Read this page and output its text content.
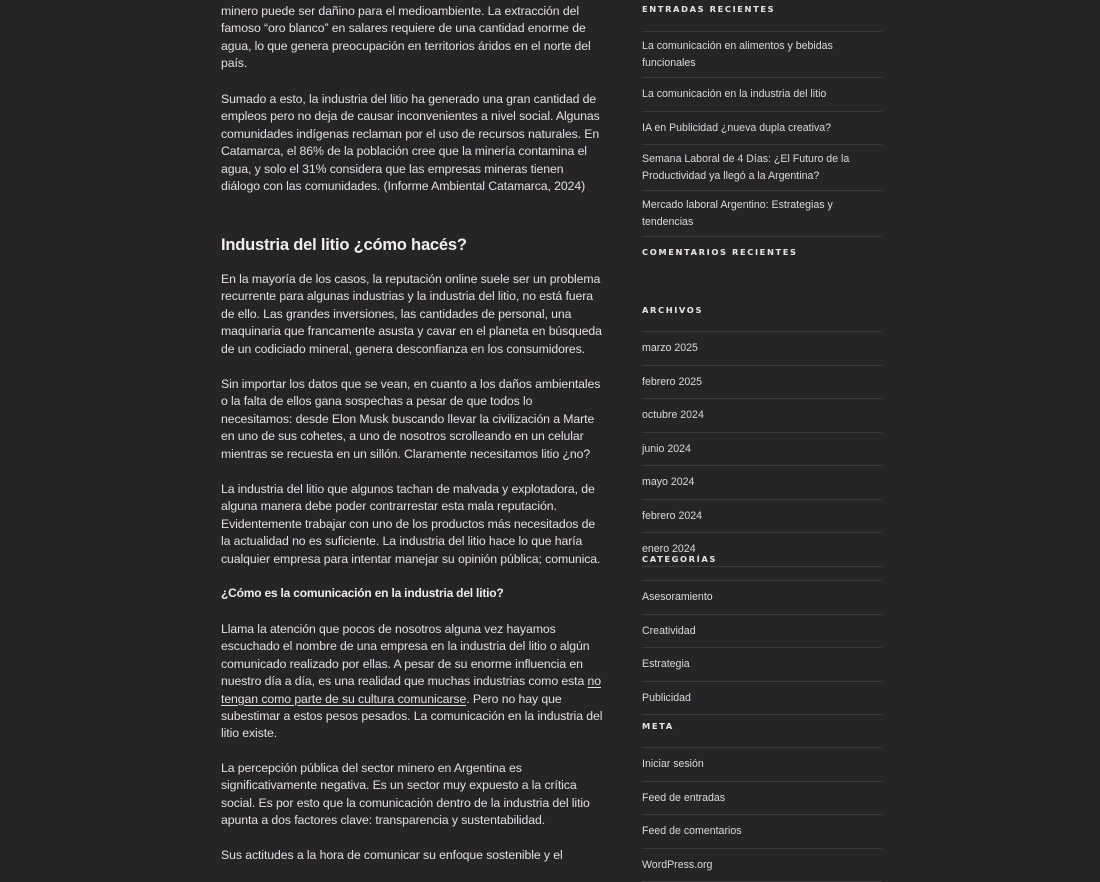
minero puede ser dañino para el medioambiente. La extracción del famoso “oro blanco” en salares requiere de una cantidad enorme de agua, lo que genera preocupación en territorios áridos en el norte del país.

Sumado a esto, la industria del litio ha generado una gran cantidad de empleos pero no deja de causar inconvenientes a nivel social. Algunas comunidades indígenas reclaman por el uso de recursos naturales. En Catamarca, el 86% de la población cree que la minería contamina el agua, y solo el 31% considera que las empresas mineras tienen diálogo con las comunidades. (Informe Ambiental Catamarca, 2024)

Industria del litio ¿cómo hacés?

En la mayoría de los casos, la reputación online suele ser un problema recurrente para algunas industrias y la industria del litio, no está fuera de ello. Las grandes inversiones, las cantidades de personal, una maquinaria que francamente asusta y cavar en el planeta en búsqueda de un codiciado mineral, genera desconfianza en los consumidores.

Sin importar los datos que se vean, en cuanto a los daños ambientales o la falta de ellos gana sospechas a pesar de que todos lo necesitamos: desde Elon Musk buscando llevar la civilización a Marte en uno de sus cohetes, a uno de nosotros scrolleando en un celular mientras se recuesta en un sillón. Claramente necesitamos litio ¿no?

La industria del litio que algunos tachan de malvada y explotadora, de alguna manera debe poder contrarrestar esta mala reputación. Evidentemente trabajar con uno de los productos más necesitados de la actualidad no es suficiente. La industria del litio hace lo que haría cualquier empresa para intentar manejar su opinión pública; comunica.

¿Cómo es la comunicación en la industria del litio?

Llama la atención que pocos de nosotros alguna vez hayamos escuchado el nombre de una empresa en la industria del litio o algún comunicado realizado por ellas. A pesar de su enorme influencia en nuestro día a día, es una realidad que muchas industrias como esta no tengan como parte de su cultura comunicarse. Pero no hay que subestimar a estos pesos pesados. La comunicación en la industria del litio existe.

La percepción pública del sector minero en Argentina es significativamente negativa. Es un sector muy expuesto a la crítica social. Es por esto que la comunicación dentro de la industria del litio apunta a dos factores clave: transparencia y sustentabilidad.

Sus actitudes a la hora de comunicar su enfoque sostenible y el

ENTRADAS RECIENTES
La comunicación en alimentos y bebidas funcionales
La comunicación en la industria del litio
IA en Publicidad ¿nueva dupla creativa?
Semana Laboral de 4 Días: ¿El Futuro de la Productividad ya llegó a la Argentina?
Mercado laboral Argentino: Estrategias y tendencias
COMENTARIOS RECIENTES
ARCHIVOS
marzo 2025
febrero 2025
octubre 2024
junio 2024
mayo 2024
febrero 2024
enero 2024
CATEGORÍAS
Asesoramiento
Creatividad
Estrategia
Publicidad
META
Iniciar sesión
Feed de entradas
Feed de comentarios
WordPress.org
